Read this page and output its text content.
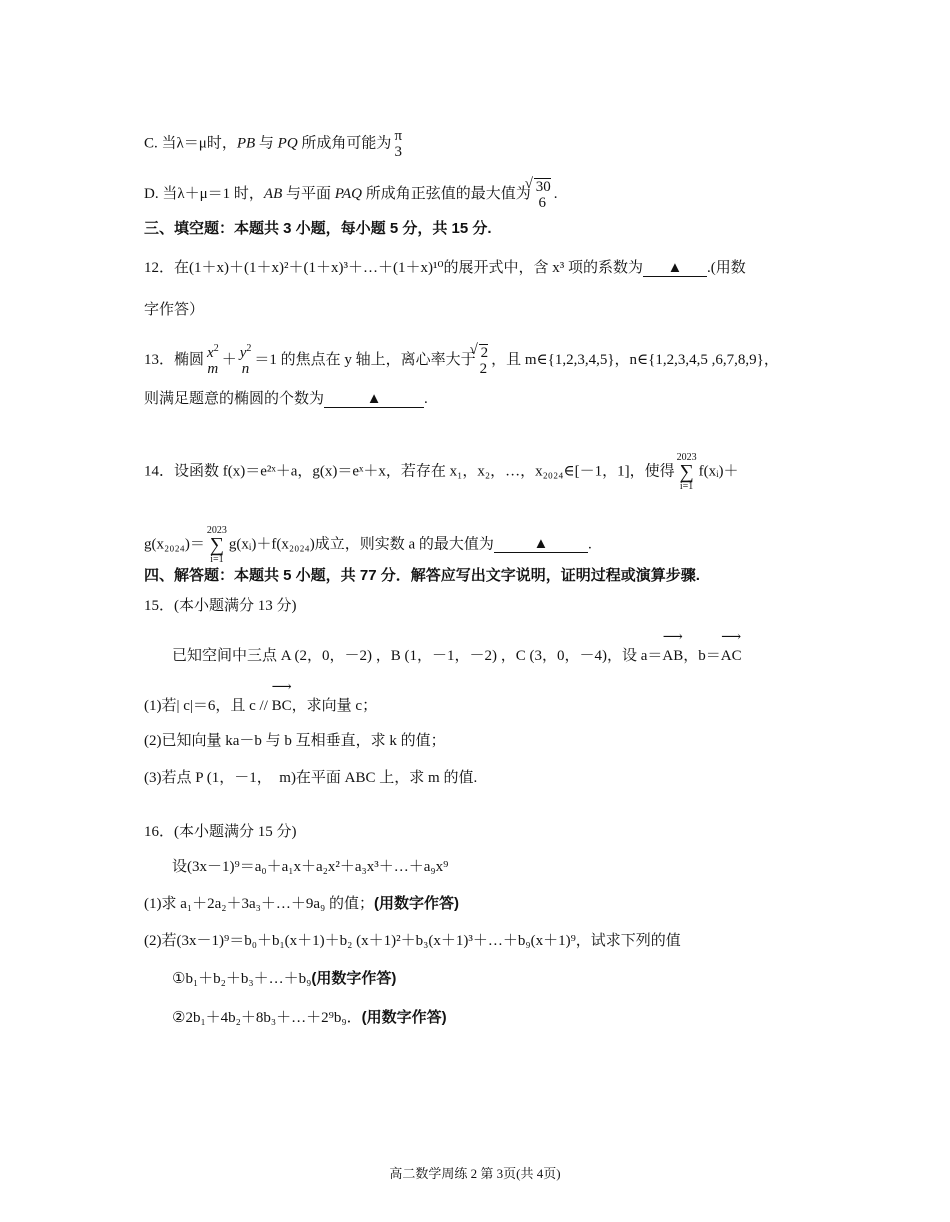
C. 当λ＝μ时，PB 与 PQ 所成角可能为 π
3
D. 当λ＋μ＝1 时，AB 与平面 PAQ 所成角正弦值的最大值为 √ 30
6
.
三、填空题：本题共 3 小题，每小题 5 分，共 15 分.
12．在(1＋x)＋(1＋x)²＋(1＋x)³＋…＋(1＋x)¹⁰的展开式中，含 x³ 项的系数为 ▲ .(用数
字作答）
13．椭圆 $x^2$
m
＋ $y^2$
n
＝1 的焦点在 y 轴上，离心率大于 √ 2
2
，且 m∈{1,2,3,4,5}，n∈{1,2,3,4,5 ,6,7,8,9}，
则满足题意的椭圆的个数为	▲	.
14．设函数 f(x)＝e²ˣ＋a，g(x)＝eˣ＋x，若存在 x₁，x₂，…，x₂₀₂₄∈[－1，1]，使得2023
∑
i=1f(xᵢ)＋
g(x₂₀₂₄)＝2023
∑
i=1g(xᵢ)＋f(x₂₀₂₄)成立，则实数 a 的最大值为	▲	.
四、解答题：本题共 5 小题，共 77 分．解答应写出文字说明，证明过程或演算步骤.
15．(本小题满分 13 分)
已知空间中三点 A (2，0，－2) ，B (1，－1，－2) ，C (3，0，－4)，设 a＝⟶ AB，b＝⟶ AC
(1)若| c|＝6，且 c // ⟶ BC，求向量 c；
(2)已知向量 ka－b 与 b 互相垂直，求 k 的值；
(3)若点 P (1，－1，　m)在平面 ABC 上，求 m 的值.
16．(本小题满分 15 分)
设(3x－1)⁹＝a₀＋a₁x＋a₂x²＋a₃x³＋…＋a₉x⁹
(1)求 a₁＋2a₂＋3a₃＋…＋9a₉ 的值；(用数字作答)
(2)若(3x－1)⁹＝b₀＋b₁(x＋1)＋b₂ (x＋1)²＋b₃(x＋1)³＋…＋b₉(x＋1)⁹，试求下列的值
①b₁＋b₂＋b₃＋…＋b₉(用数字作答)
②2b₁＋4b₂＋8b₃＋…＋2⁹b₉．(用数字作答)
高二数学周练 2 第 3页(共 4页)
